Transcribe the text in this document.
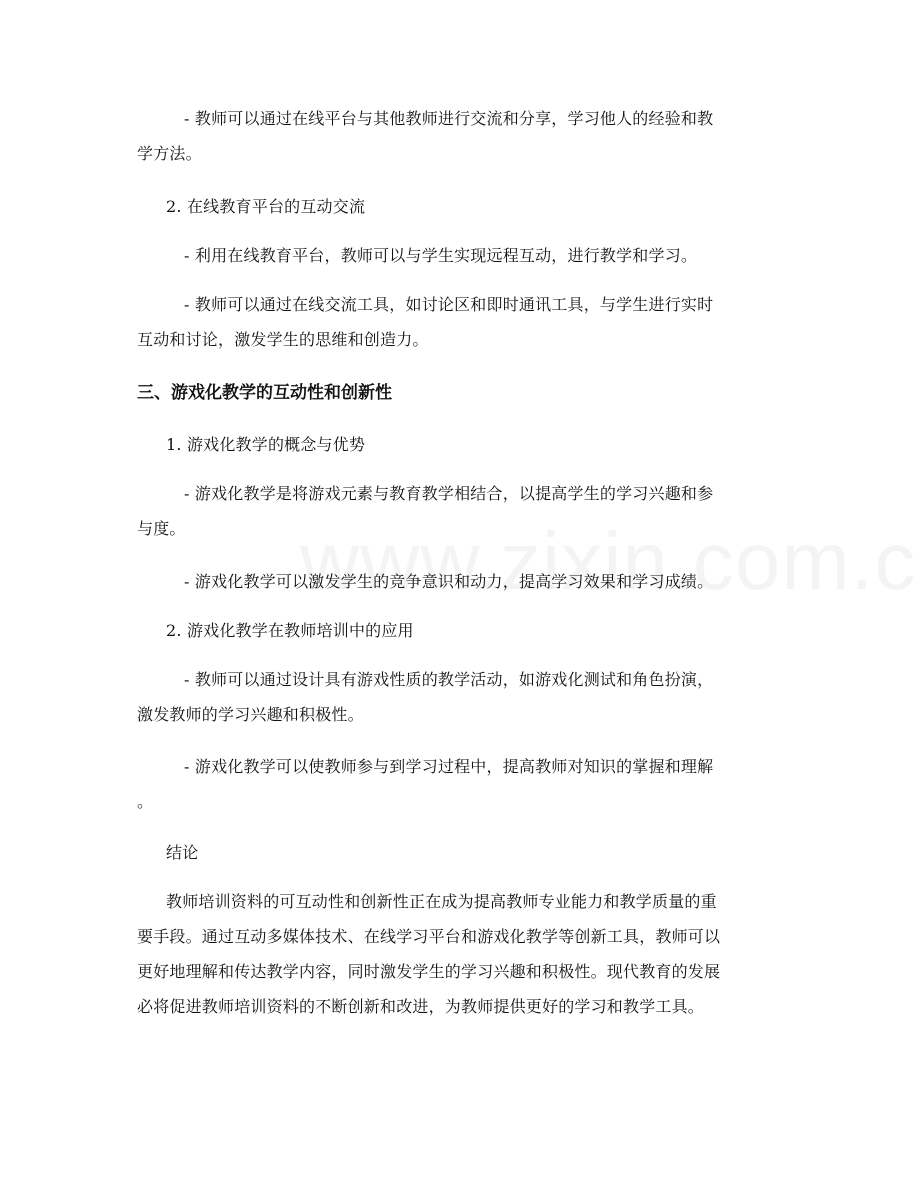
- 教师可以通过在线平台与其他教师进行交流和分享，学习他人的经验和教
学方法。
2. 在线教育平台的互动交流
- 利用在线教育平台，教师可以与学生实现远程互动，进行教学和学习。
- 教师可以通过在线交流工具，如讨论区和即时通讯工具，与学生进行实时
互动和讨论，激发学生的思维和创造力。
三、游戏化教学的互动性和创新性
1. 游戏化教学的概念与优势
- 游戏化教学是将游戏元素与教育教学相结合，以提高学生的学习兴趣和参
与度。
- 游戏化教学可以激发学生的竞争意识和动力，提高学习效果和学习成绩。
2. 游戏化教学在教师培训中的应用
- 教师可以通过设计具有游戏性质的教学活动，如游戏化测试和角色扮演，
激发教师的学习兴趣和积极性。
- 游戏化教学可以使教师参与到学习过程中，提高教师对知识的掌握和理解
。
结论
教师培训资料的可互动性和创新性正在成为提高教师专业能力和教学质量的重
要手段。通过互动多媒体技术、在线学习平台和游戏化教学等创新工具，教师可以
更好地理解和传达教学内容，同时激发学生的学习兴趣和积极性。现代教育的发展
必将促进教师培训资料的不断创新和改进，为教师提供更好的学习和教学工具。
